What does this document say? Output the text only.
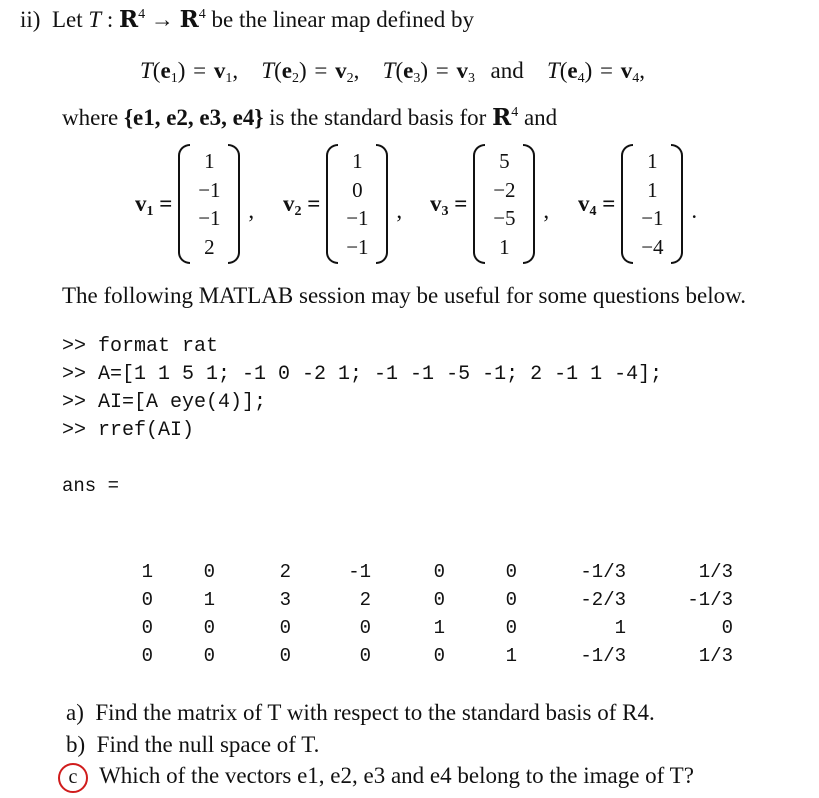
ii) Let T : $R^4 \to R^4$ be the linear map defined by
$T(e_1) = v_1$, $T(e_2) = v_2$, $T(e_3) = v_3$ and $T(e_4) = v_4$,
where {e1, e2, e3, e4} is the standard basis for $R^4$ and
$v_1$ =
1
−1
−1
2
, $v_2$ =
1
0
−1
−1
, $v_3$ =
5
−2
−5
1
, $v_4$ =
1
1
−1
−4
.
The following MATLAB session may be useful for some questions below.
>> format rat
>> A=[1 1 5 1; -1 0 -2 1; -1 -1 -5 -1; 2 -1 1 -4];
>> AI=[A eye(4)];
>> rref(AI)
ans =
1	0	2	-1	0	0	-1/3	1/3
0	1	3	2	0	0	-2/3	-1/3
0	0	0	0	1	0	1	0
0	0	0	0	0	1	-1/3	1/3
a) Find the matrix of T with respect to the standard basis of R4.
b) Find the null space of T.
c Which of the vectors e1, e2, e3 and e4 belong to the image of T?
